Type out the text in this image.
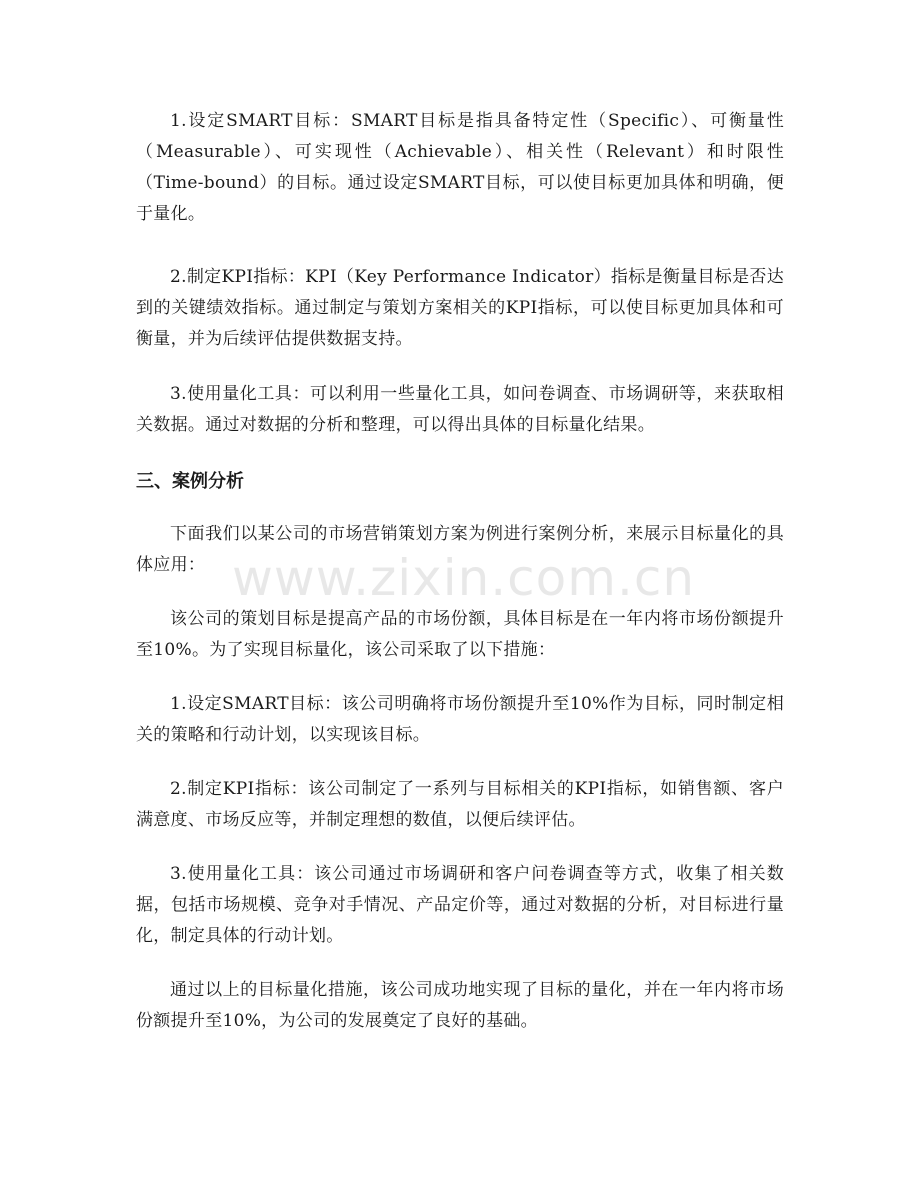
1.设定SMART目标：SMART目标是指具备特定性（Specific）、可衡量性（Measurable）、可实现性（Achievable）、相关性（Relevant）和时限性（Time-bound）的目标。通过设定SMART目标，可以使目标更加具体和明确，便于量化。

2.制定KPI指标：KPI（Key Performance Indicator）指标是衡量目标是否达到的关键绩效指标。通过制定与策划方案相关的KPI指标，可以使目标更加具体和可衡量，并为后续评估提供数据支持。

3.使用量化工具：可以利用一些量化工具，如问卷调查、市场调研等，来获取相关数据。通过对数据的分析和整理，可以得出具体的目标量化结果。

三、案例分析

下面我们以某公司的市场营销策划方案为例进行案例分析，来展示目标量化的具体应用：

该公司的策划目标是提高产品的市场份额，具体目标是在一年内将市场份额提升至10%。为了实现目标量化，该公司采取了以下措施：

1.设定SMART目标：该公司明确将市场份额提升至10%作为目标，同时制定相关的策略和行动计划，以实现该目标。

2.制定KPI指标：该公司制定了一系列与目标相关的KPI指标，如销售额、客户满意度、市场反应等，并制定理想的数值，以便后续评估。

3.使用量化工具：该公司通过市场调研和客户问卷调查等方式，收集了相关数据，包括市场规模、竞争对手情况、产品定价等，通过对数据的分析，对目标进行量化，制定具体的行动计划。

通过以上的目标量化措施，该公司成功地实现了目标的量化，并在一年内将市场份额提升至10%，为公司的发展奠定了良好的基础。

www.zixin.com.cn
